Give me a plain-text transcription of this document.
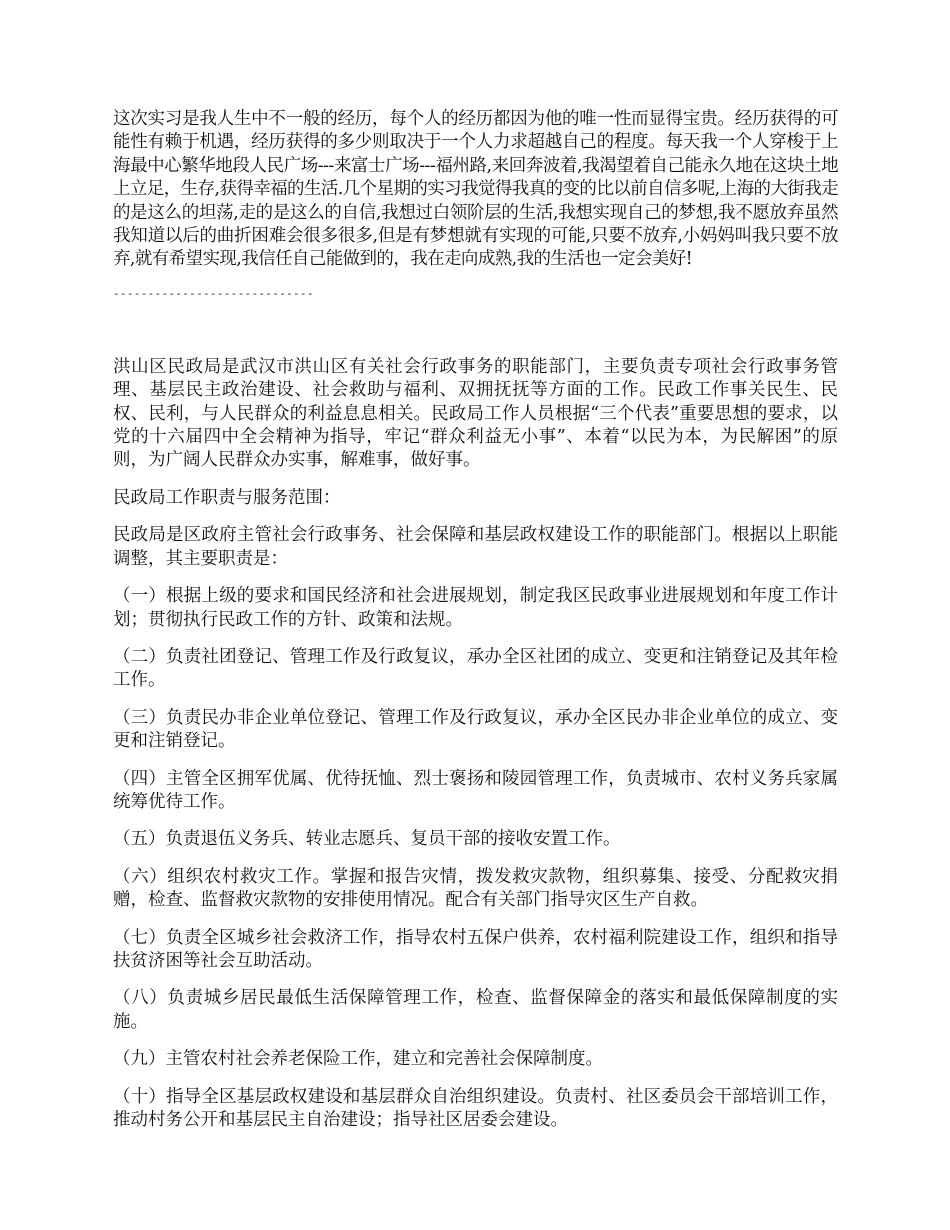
这次实习是我人生中不一般的经历，每个人的经历都因为他的唯一性而显得宝贵。经历获得的可能性有赖于机遇，经历获得的多少则取决于一个人力求超越自己的程度。每天我一个人穿梭于上海最中心繁华地段人民广场---来富士广场---福州路,来回奔波着,我渴望着自己能永久地在这块土地上立足，生存,获得幸福的生活.几个星期的实习我觉得我真的变的比以前自信多呢,上海的大街我走的是这么的坦荡,走的是这么的自信,我想过白领阶层的生活,我想实现自己的梦想,我不愿放弃虽然我知道以后的曲折困难会很多很多,但是有梦想就有实现的可能,只要不放弃,小妈妈叫我只要不放弃,就有希望实现,我信任自己能做到的，我在走向成熟,我的生活也一定会美好!

-----------------------------

洪山区民政局是武汉市洪山区有关社会行政事务的职能部门，主要负责专项社会行政事务管理、基层民主政治建设、社会救助与福利、双拥抚抚等方面的工作。民政工作事关民生、民权、民利，与人民群众的利益息息相关。民政局工作人员根据“三个代表”重要思想的要求，以党的十六届四中全会精神为指导，牢记“群众利益无小事”、本着“以民为本，为民解困”的原则，为广阔人民群众办实事，解难事，做好事。

民政局工作职责与服务范围：

民政局是区政府主管社会行政事务、社会保障和基层政权建设工作的职能部门。根据以上职能调整，其主要职责是：

（一）根据上级的要求和国民经济和社会进展规划，制定我区民政事业进展规划和年度工作计划；贯彻执行民政工作的方针、政策和法规。

（二）负责社团登记、管理工作及行政复议，承办全区社团的成立、变更和注销登记及其年检工作。

（三）负责民办非企业单位登记、管理工作及行政复议，承办全区民办非企业单位的成立、变更和注销登记。

（四）主管全区拥军优属、优待抚恤、烈士褒扬和陵园管理工作，负责城市、农村义务兵家属统筹优待工作。

（五）负责退伍义务兵、转业志愿兵、复员干部的接收安置工作。

（六）组织农村救灾工作。掌握和报告灾情，拨发救灾款物，组织募集、接受、分配救灾捐赠，检查、监督救灾款物的安排使用情况。配合有关部门指导灾区生产自救。

（七）负责全区城乡社会救济工作，指导农村五保户供养，农村福利院建设工作，组织和指导扶贫济困等社会互助活动。

（八）负责城乡居民最低生活保障管理工作，检查、监督保障金的落实和最低保障制度的实施。

（九）主管农村社会养老保险工作，建立和完善社会保障制度。

（十）指导全区基层政权建设和基层群众自治组织建设。负责村、社区委员会干部培训工作，推动村务公开和基层民主自治建设；指导社区居委会建设。
